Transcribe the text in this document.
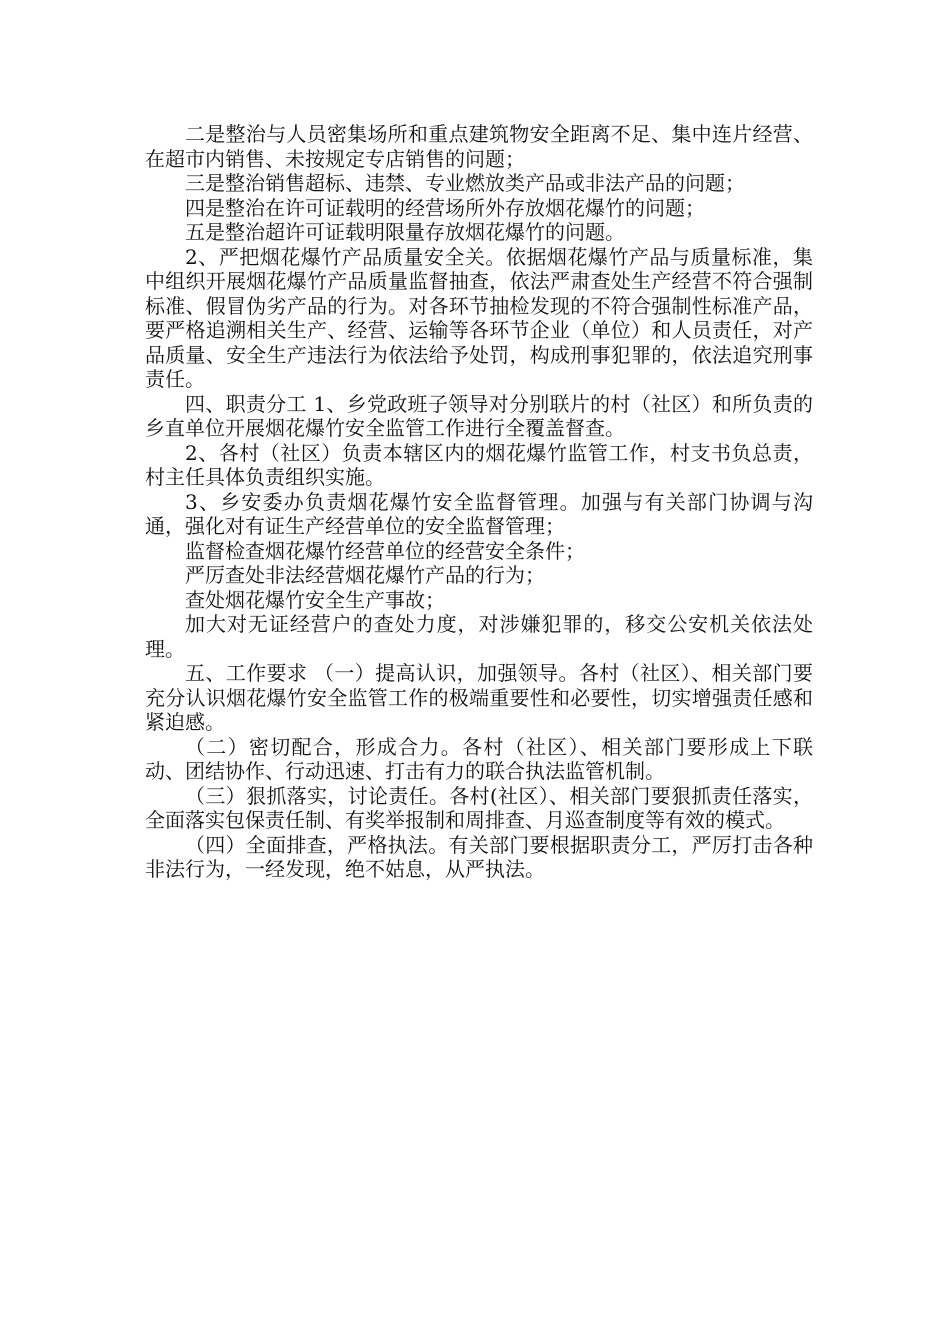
二是整治与人员密集场所和重点建筑物安全距离不足、集中连片经营、在超市内销售、未按规定专店销售的问题；

三是整治销售超标、违禁、专业燃放类产品或非法产品的问题；

四是整治在许可证载明的经营场所外存放烟花爆竹的问题；

五是整治超许可证载明限量存放烟花爆竹的问题。

2、严把烟花爆竹产品质量安全关。依据烟花爆竹产品与质量标准，集中组织开展烟花爆竹产品质量监督抽查，依法严肃查处生产经营不符合强制标准、假冒伪劣产品的行为。对各环节抽检发现的不符合强制性标准产品，要严格追溯相关生产、经营、运输等各环节企业（单位）和人员责任，对产品质量、安全生产违法行为依法给予处罚，构成刑事犯罪的，依法追究刑事责任。

四、职责分工 1、乡党政班子领导对分别联片的村（社区）和所负责的乡直单位开展烟花爆竹安全监管工作进行全覆盖督查。

2、各村（社区）负责本辖区内的烟花爆竹监管工作，村支书负总责，村主任具体负责组织实施。

3、乡安委办负责烟花爆竹安全监督管理。加强与有关部门协调与沟通，强化对有证生产经营单位的安全监督管理；

监督检查烟花爆竹经营单位的经营安全条件；

严厉查处非法经营烟花爆竹产品的行为；

查处烟花爆竹安全生产事故；

加大对无证经营户的查处力度，对涉嫌犯罪的，移交公安机关依法处理。

五、工作要求 （一）提高认识，加强领导。各村（社区）、相关部门要充分认识烟花爆竹安全监管工作的极端重要性和必要性，切实增强责任感和紧迫感。

（二）密切配合，形成合力。各村（社区）、相关部门要形成上下联动、团结协作、行动迅速、打击有力的联合执法监管机制。

（三）狠抓落实，讨论责任。各村(社区）、相关部门要狠抓责任落实，全面落实包保责任制、有奖举报制和周排查、月巡查制度等有效的模式。

（四）全面排查，严格执法。有关部门要根据职责分工，严厉打击各种非法行为，一经发现，绝不姑息，从严执法。
